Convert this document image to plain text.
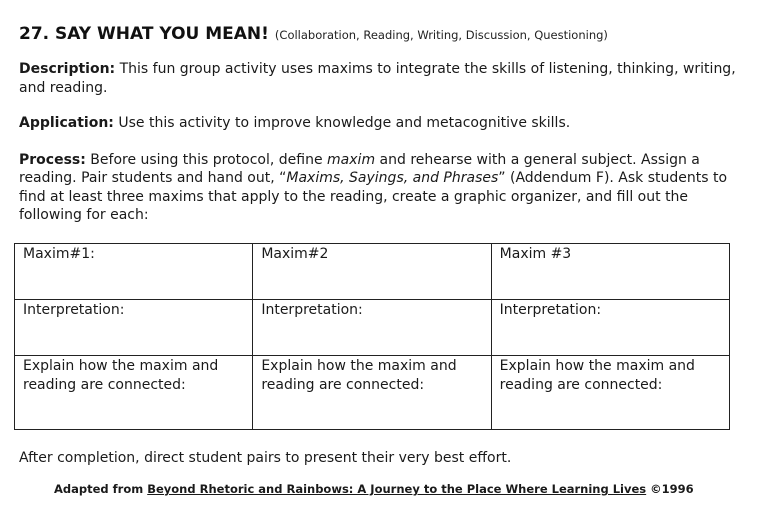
27. SAY WHAT YOU MEAN! (Collaboration, Reading, Writing, Discussion, Questioning)

Description: This fun group activity uses maxims to integrate the skills of listening, thinking, writing, and reading.

Application: Use this activity to improve knowledge and metacognitive skills.

Process: Before using this protocol, define maxim and rehearse with a general subject. Assign a reading. Pair students and hand out, “Maxims, Sayings, and Phrases” (Addendum F). Ask students to find at least three maxims that apply to the reading, create a graphic organizer, and fill out the following for each:

Maxim#1:	Maxim#2	Maxim #3
Interpretation:	Interpretation:	Interpretation:
Explain how the maxim and reading are connected:	Explain how the maxim and reading are connected:	Explain how the maxim and reading are connected:

After completion, direct student pairs to present their very best effort.

Adapted from Beyond Rhetoric and Rainbows: A Journey to the Place Where Learning Lives ©1996
